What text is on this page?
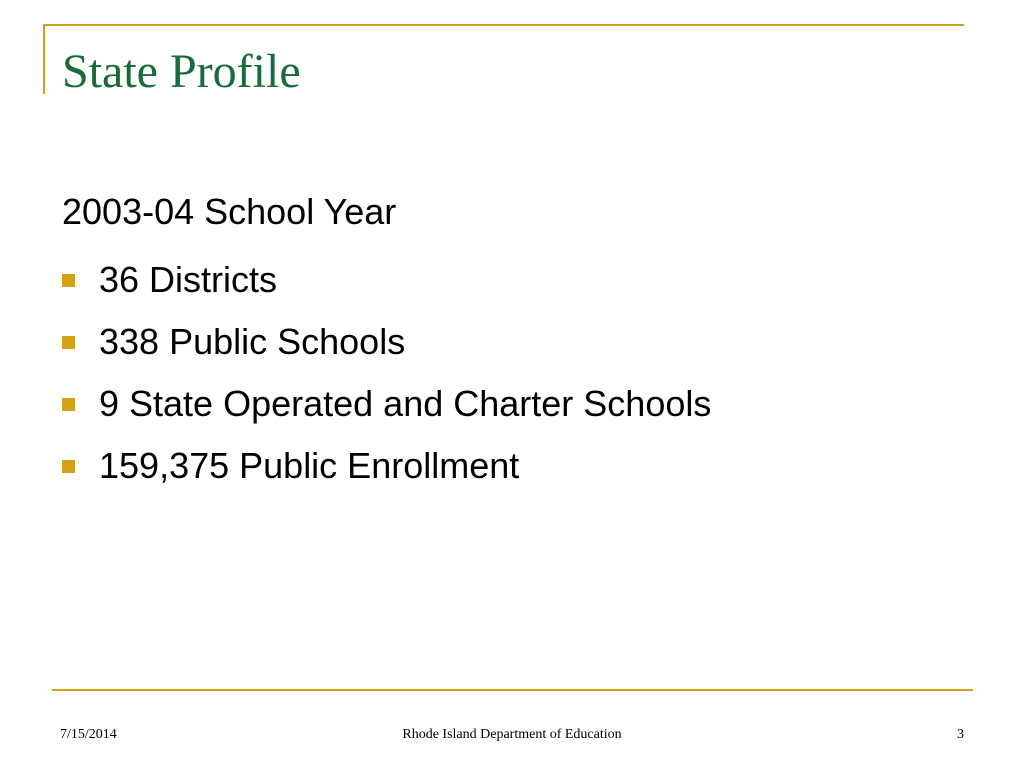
State Profile
2003-04 School Year
36 Districts
338 Public Schools
9 State Operated and Charter Schools
159,375 Public Enrollment
7/15/2014	Rhode Island Department of Education	3
